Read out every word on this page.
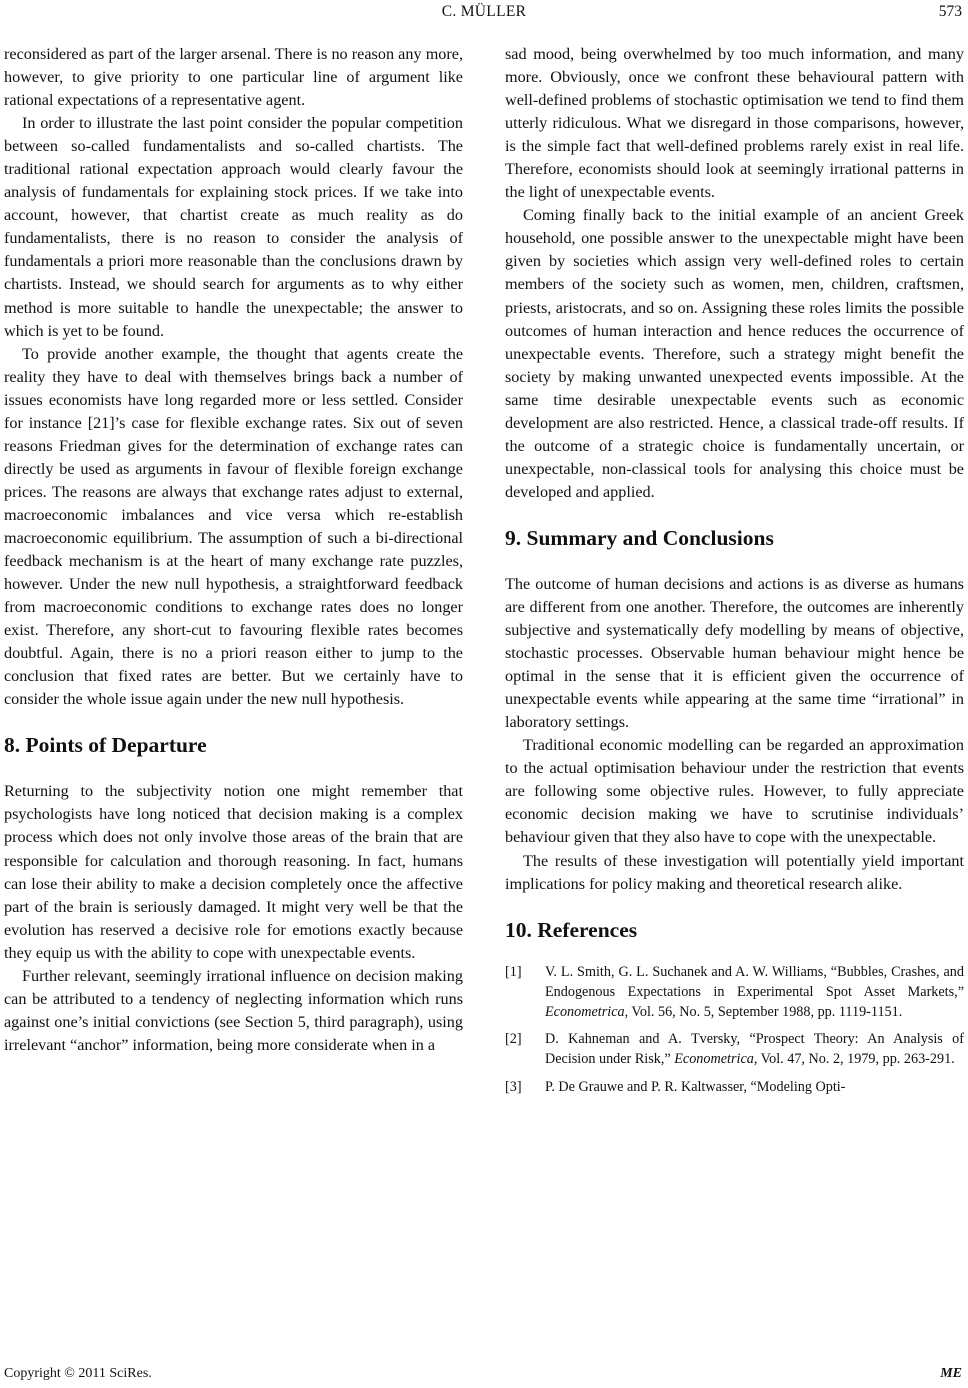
C. MÜLLER	573

reconsidered as part of the larger arsenal. There is no reason any more, however, to give priority to one particular line of argument like rational expectations of a representative agent.

In order to illustrate the last point consider the popular competition between so-called fundamentalists and so-called chartists. The traditional rational expectation approach would clearly favour the analysis of fundamentals for explaining stock prices. If we take into account, however, that chartist create as much reality as do fundamentalists, there is no reason to consider the analysis of fundamentals a priori more reasonable than the conclusions drawn by chartists. Instead, we should search for arguments as to why either method is more suitable to handle the unexpectable; the answer to which is yet to be found.

To provide another example, the thought that agents create the reality they have to deal with themselves brings back a number of issues economists have long regarded more or less settled. Consider for instance [21]’s case for flexible exchange rates. Six out of seven reasons Friedman gives for the determination of exchange rates can directly be used as arguments in favour of flexible foreign exchange prices. The reasons are always that exchange rates adjust to external, macroeconomic imbalances and vice versa which re-establish macroeconomic equilibrium. The assumption of such a bi-directional feedback mechanism is at the heart of many exchange rate puzzles, however. Under the new null hypothesis, a straightforward feedback from macroeconomic conditions to exchange rates does no longer exist. Therefore, any short-cut to favouring flexible rates becomes doubtful. Again, there is no a priori reason either to jump to the conclusion that fixed rates are better. But we certainly have to consider the whole issue again under the new null hypothesis.

8. Points of Departure

Returning to the subjectivity notion one might remember that psychologists have long noticed that decision making is a complex process which does not only involve those areas of the brain that are responsible for calculation and thorough reasoning. In fact, humans can lose their ability to make a decision completely once the affective part of the brain is seriously damaged. It might very well be that the evolution has reserved a decisive role for emotions exactly because they equip us with the ability to cope with unexpectable events.

Further relevant, seemingly irrational influence on decision making can be attributed to a tendency of neglecting information which runs against one’s initial convictions (see Section 5, third paragraph), using irrelevant “anchor” information, being more considerate when in a

sad mood, being overwhelmed by too much information, and many more. Obviously, once we confront these behavioural pattern with well-defined problems of stochastic optimisation we tend to find them utterly ridiculous. What we disregard in those comparisons, however, is the simple fact that well-defined problems rarely exist in real life. Therefore, economists should look at seemingly irrational patterns in the light of unexpectable events.

Coming finally back to the initial example of an ancient Greek household, one possible answer to the unexpectable might have been given by societies which assign very well-defined roles to certain members of the society such as women, men, children, craftsmen, priests, aristocrats, and so on. Assigning these roles limits the possible outcomes of human interaction and hence reduces the occurrence of unexpectable events. Therefore, such a strategy might benefit the society by making unwanted unexpected events impossible. At the same time desirable unexpectable events such as economic development are also restricted. Hence, a classical trade-off results. If the outcome of a strategic choice is fundamentally uncertain, or unexpectable, non-classical tools for analysing this choice must be developed and applied.

9. Summary and Conclusions

The outcome of human decisions and actions is as diverse as humans are different from one another. Therefore, the outcomes are inherently subjective and systematically defy modelling by means of objective, stochastic processes. Observable human behaviour might hence be optimal in the sense that it is efficient given the occurrence of unexpectable events while appearing at the same time “irrational” in laboratory settings.

Traditional economic modelling can be regarded an approximation to the actual optimisation behaviour under the restriction that events are following some objective rules. However, to fully appreciate economic decision making we have to scrutinise individuals’ behaviour given that they also have to cope with the unexpectable.

The results of these investigation will potentially yield important implications for policy making and theoretical research alike.

10. References
[1]	V. L. Smith, G. L. Suchanek and A. W. Williams, “Bubbles, Crashes, and Endogenous Expectations in Experimental Spot Asset Markets,” Econometrica, Vol. 56, No. 5, September 1988, pp. 1119-1151.
[2]	D. Kahneman and A. Tversky, “Prospect Theory: An Analysis of Decision under Risk,” Econometrica, Vol. 47, No. 2, 1979, pp. 263-291.
[3]	P. De Grauwe and P. R. Kaltwasser, “Modeling Opti-
Copyright © 2011 SciRes.	ME
